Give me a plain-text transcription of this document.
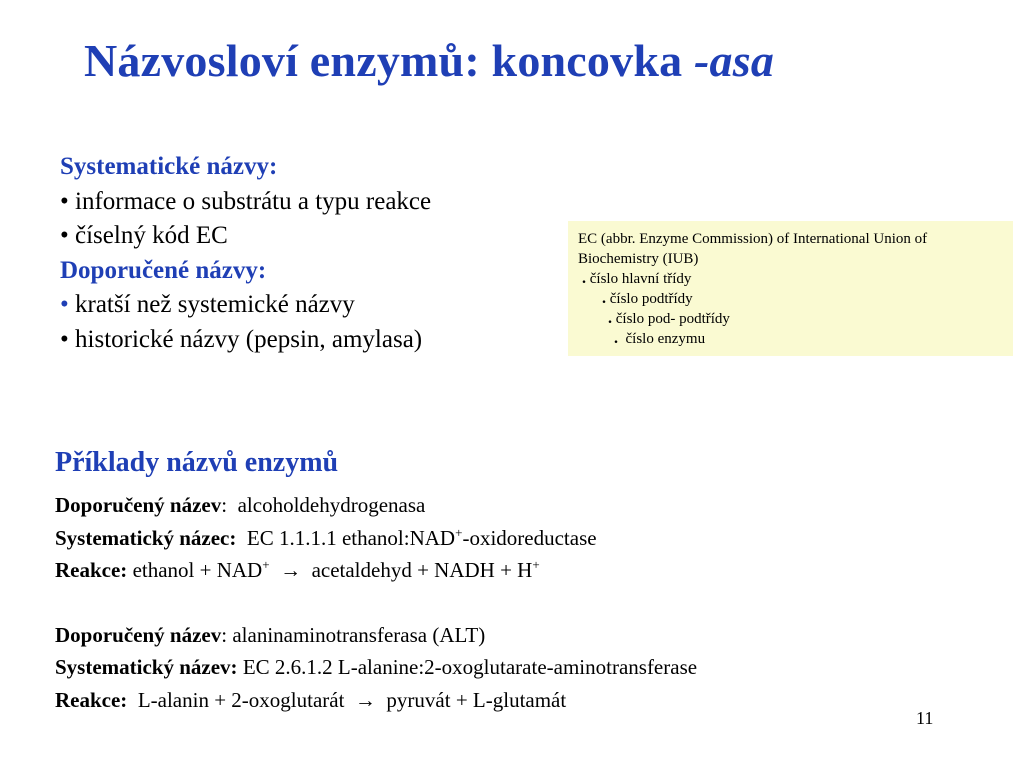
Názvosloví enzymů: koncovka -asa
Systematické názvy:
• informace o substrátu a typu reakce
• číselný kód EC
Doporučené názvy:
• kratší než systemické názvy
• historické názvy (pepsin, amylasa)
EC (abbr. Enzyme Commission) of International Union of
Biochemistry (IUB)
. číslo hlavní třídy
. číslo podtřídy
. číslo pod- podtřídy
. číslo enzymu
Příklady názvů enzymů
Doporučený název: alcoholdehydrogenasa
Systematický názec: EC 1.1.1.1 ethanol:NAD+-oxidoreductase
Reakce: ethanol + NAD+ → acetaldehyd + NADH + H+
Doporučený název: alaninaminotransferasa (ALT)
Systematický název: EC 2.6.1.2 L-alanine:2-oxoglutarate-aminotransferase
Reakce: L-alanin + 2-oxoglutarát → pyruvát + L-glutamát
11
